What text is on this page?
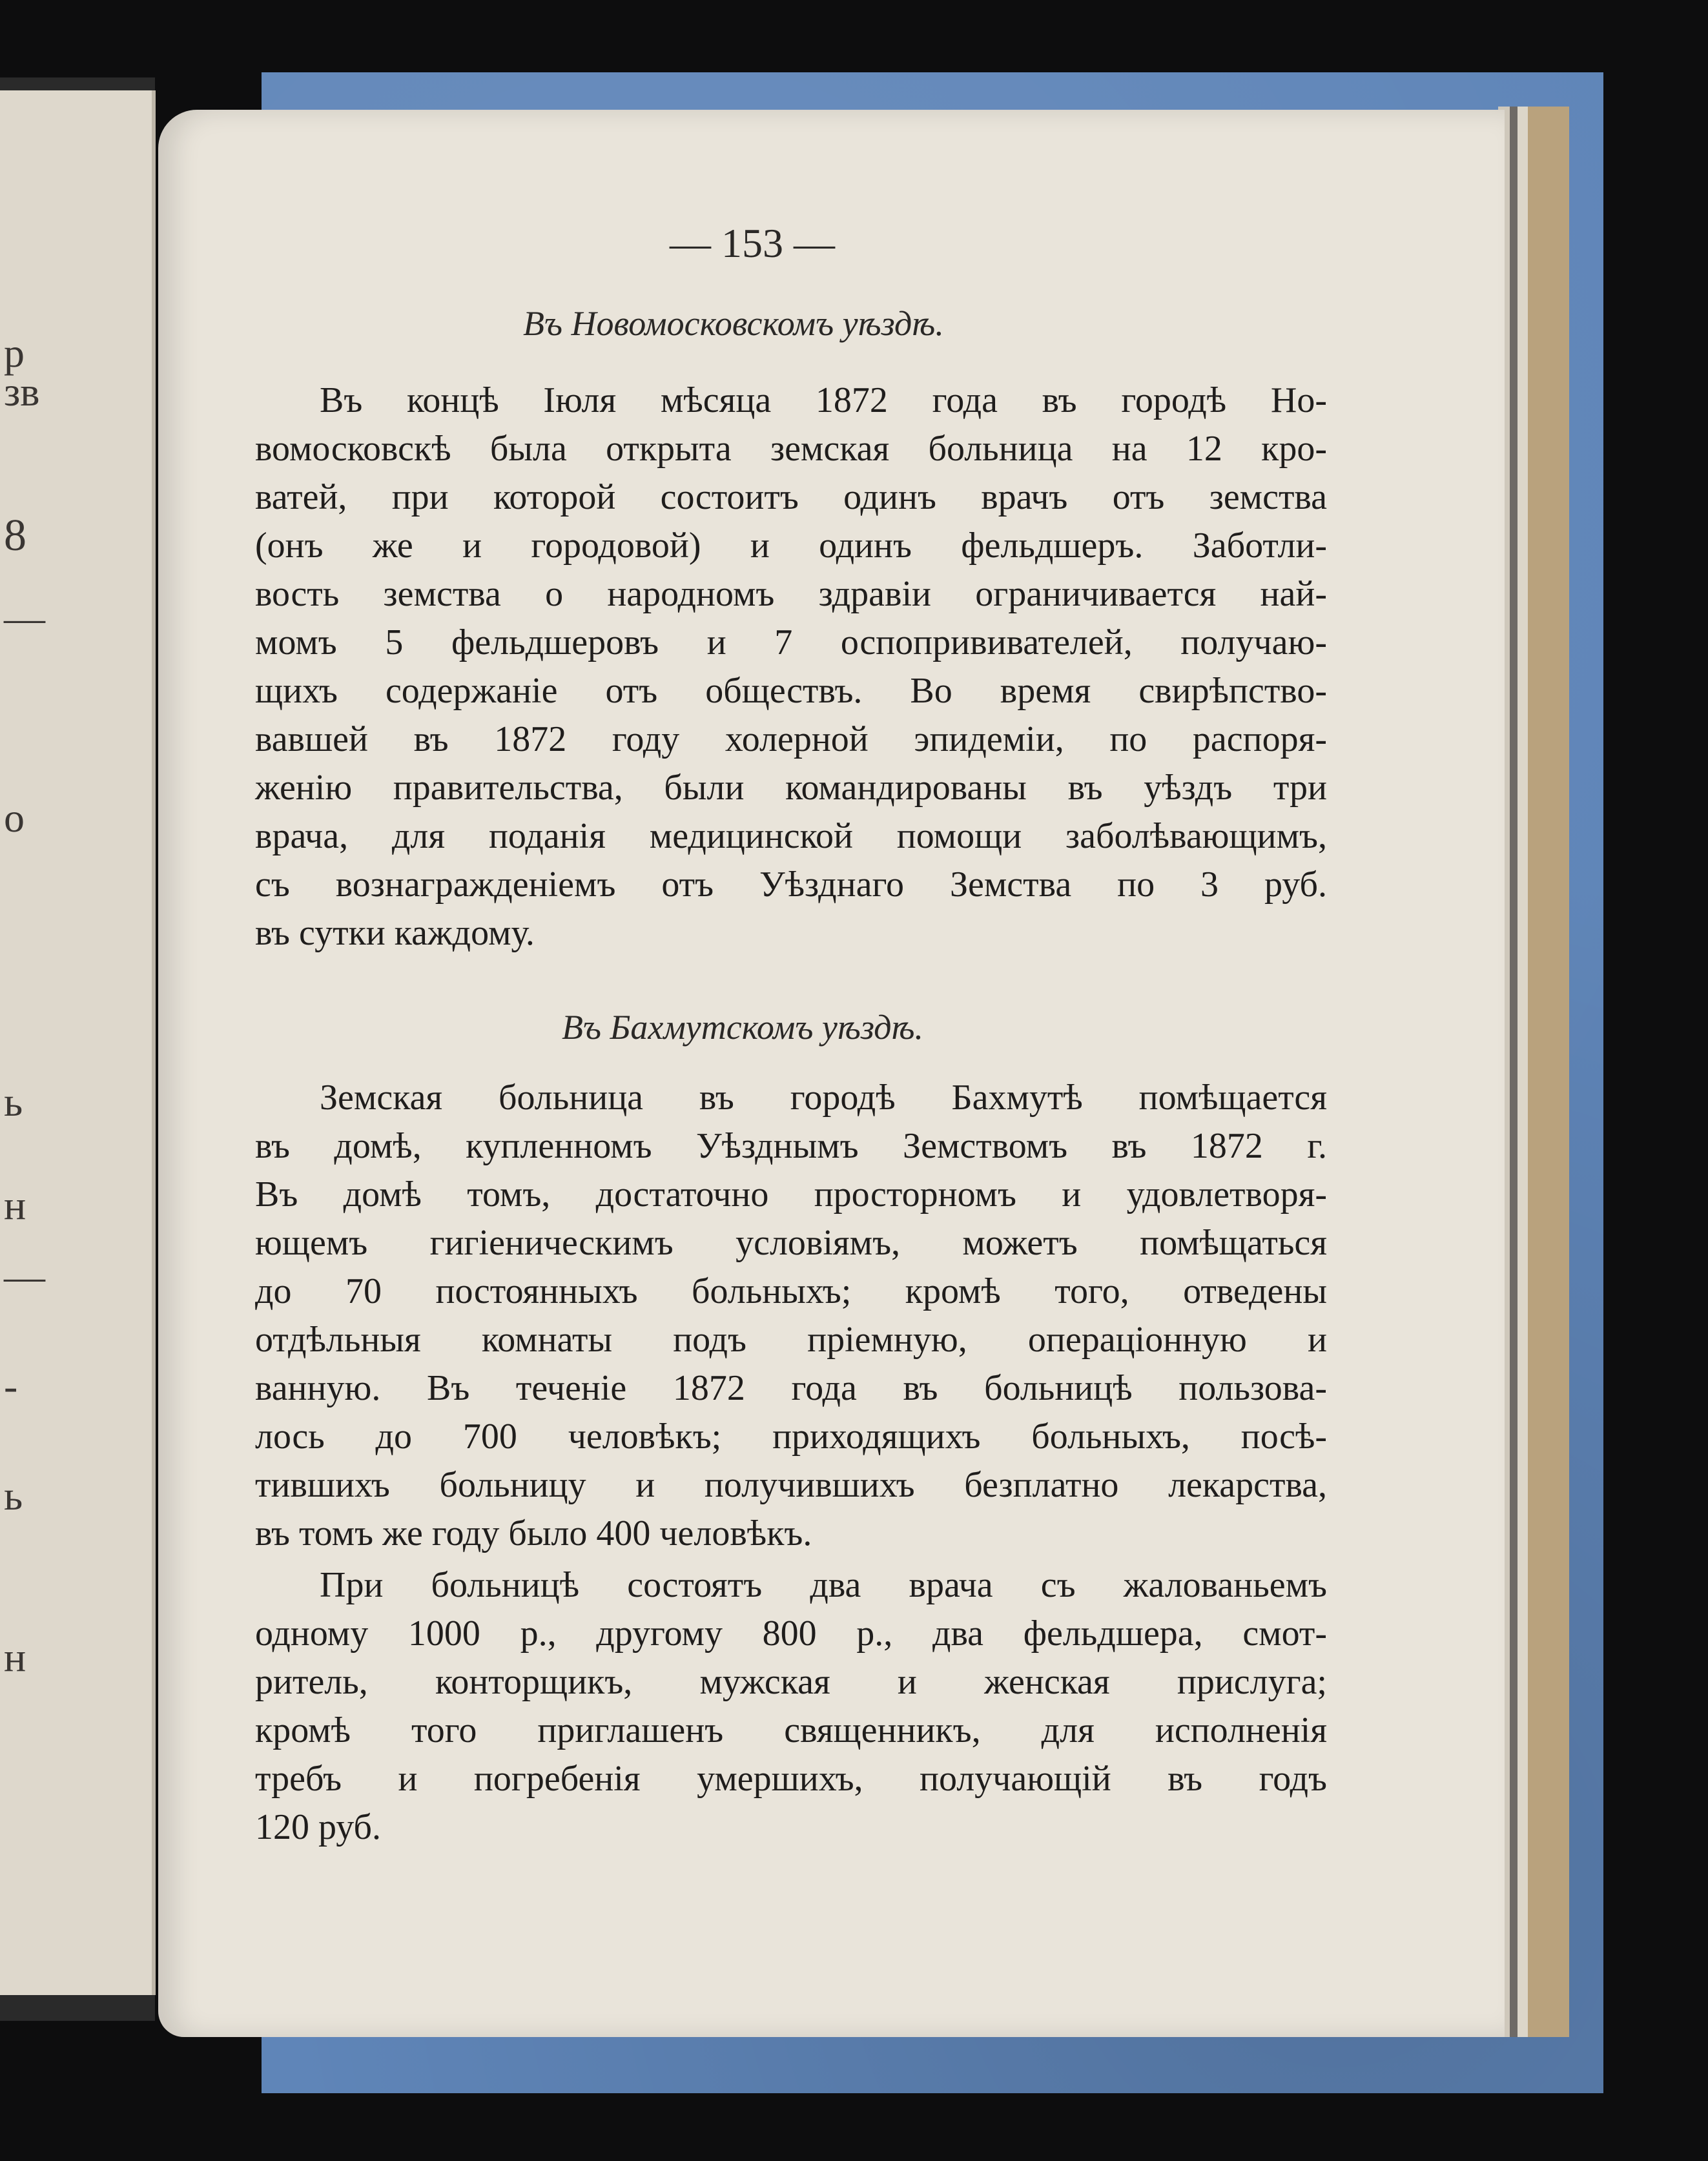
р
зв
8
—
о
ь
н
—
-
ь
н
— 153 —
Въ Новомосковскомъ уѣздѣ.
Въ концѣ Іюля мѣсяца 1872 года въ городѣ Но-
вомосковскѣ была открыта земская больница на 12 кро-
ватей, при которой состоитъ одинъ врачъ отъ земства
(онъ же и городовой) и одинъ фельдшеръ. Заботли-
вость земства о народномъ здравіи ограничивается най-
момъ 5 фельдшеровъ и 7 оспопрививателей, получаю-
щихъ содержаніе отъ обществъ. Во время свирѣпство-
вавшей въ 1872 году холерной эпидеміи, по распоря-
женію правительства, были командированы въ уѣздъ три
врача, для поданія медицинской помощи заболѣвающимъ,
съ вознагражденіемъ отъ Уѣзднаго Земства по 3 руб.
въ сутки каждому.
Въ Бахмутскомъ уѣздѣ.
Земская больница въ городѣ Бахмутѣ помѣщается
въ домѣ, купленномъ Уѣзднымъ Земствомъ въ 1872 г.
Въ домѣ томъ, достаточно просторномъ и удовлетворя-
ющемъ гигіеническимъ условіямъ, можетъ помѣщаться
до 70 постоянныхъ больныхъ; кромѣ того, отведены
отдѣльныя комнаты подъ пріемную, операціонную и
ванную. Въ теченіе 1872 года въ больницѣ пользова-
лось до 700 человѣкъ; приходящихъ больныхъ, посѣ-
тившихъ больницу и получившихъ безплатно лекарства,
въ томъ же году было 400 человѣкъ.
При больницѣ состоятъ два врача съ жалованьемъ
одному 1000 р., другому 800 р., два фельдшера, смот-
ритель, конторщикъ, мужская и женская прислуга;
кромѣ того приглашенъ священникъ, для исполненія
требъ и погребенія умершихъ, получающій въ годъ
120 руб.
